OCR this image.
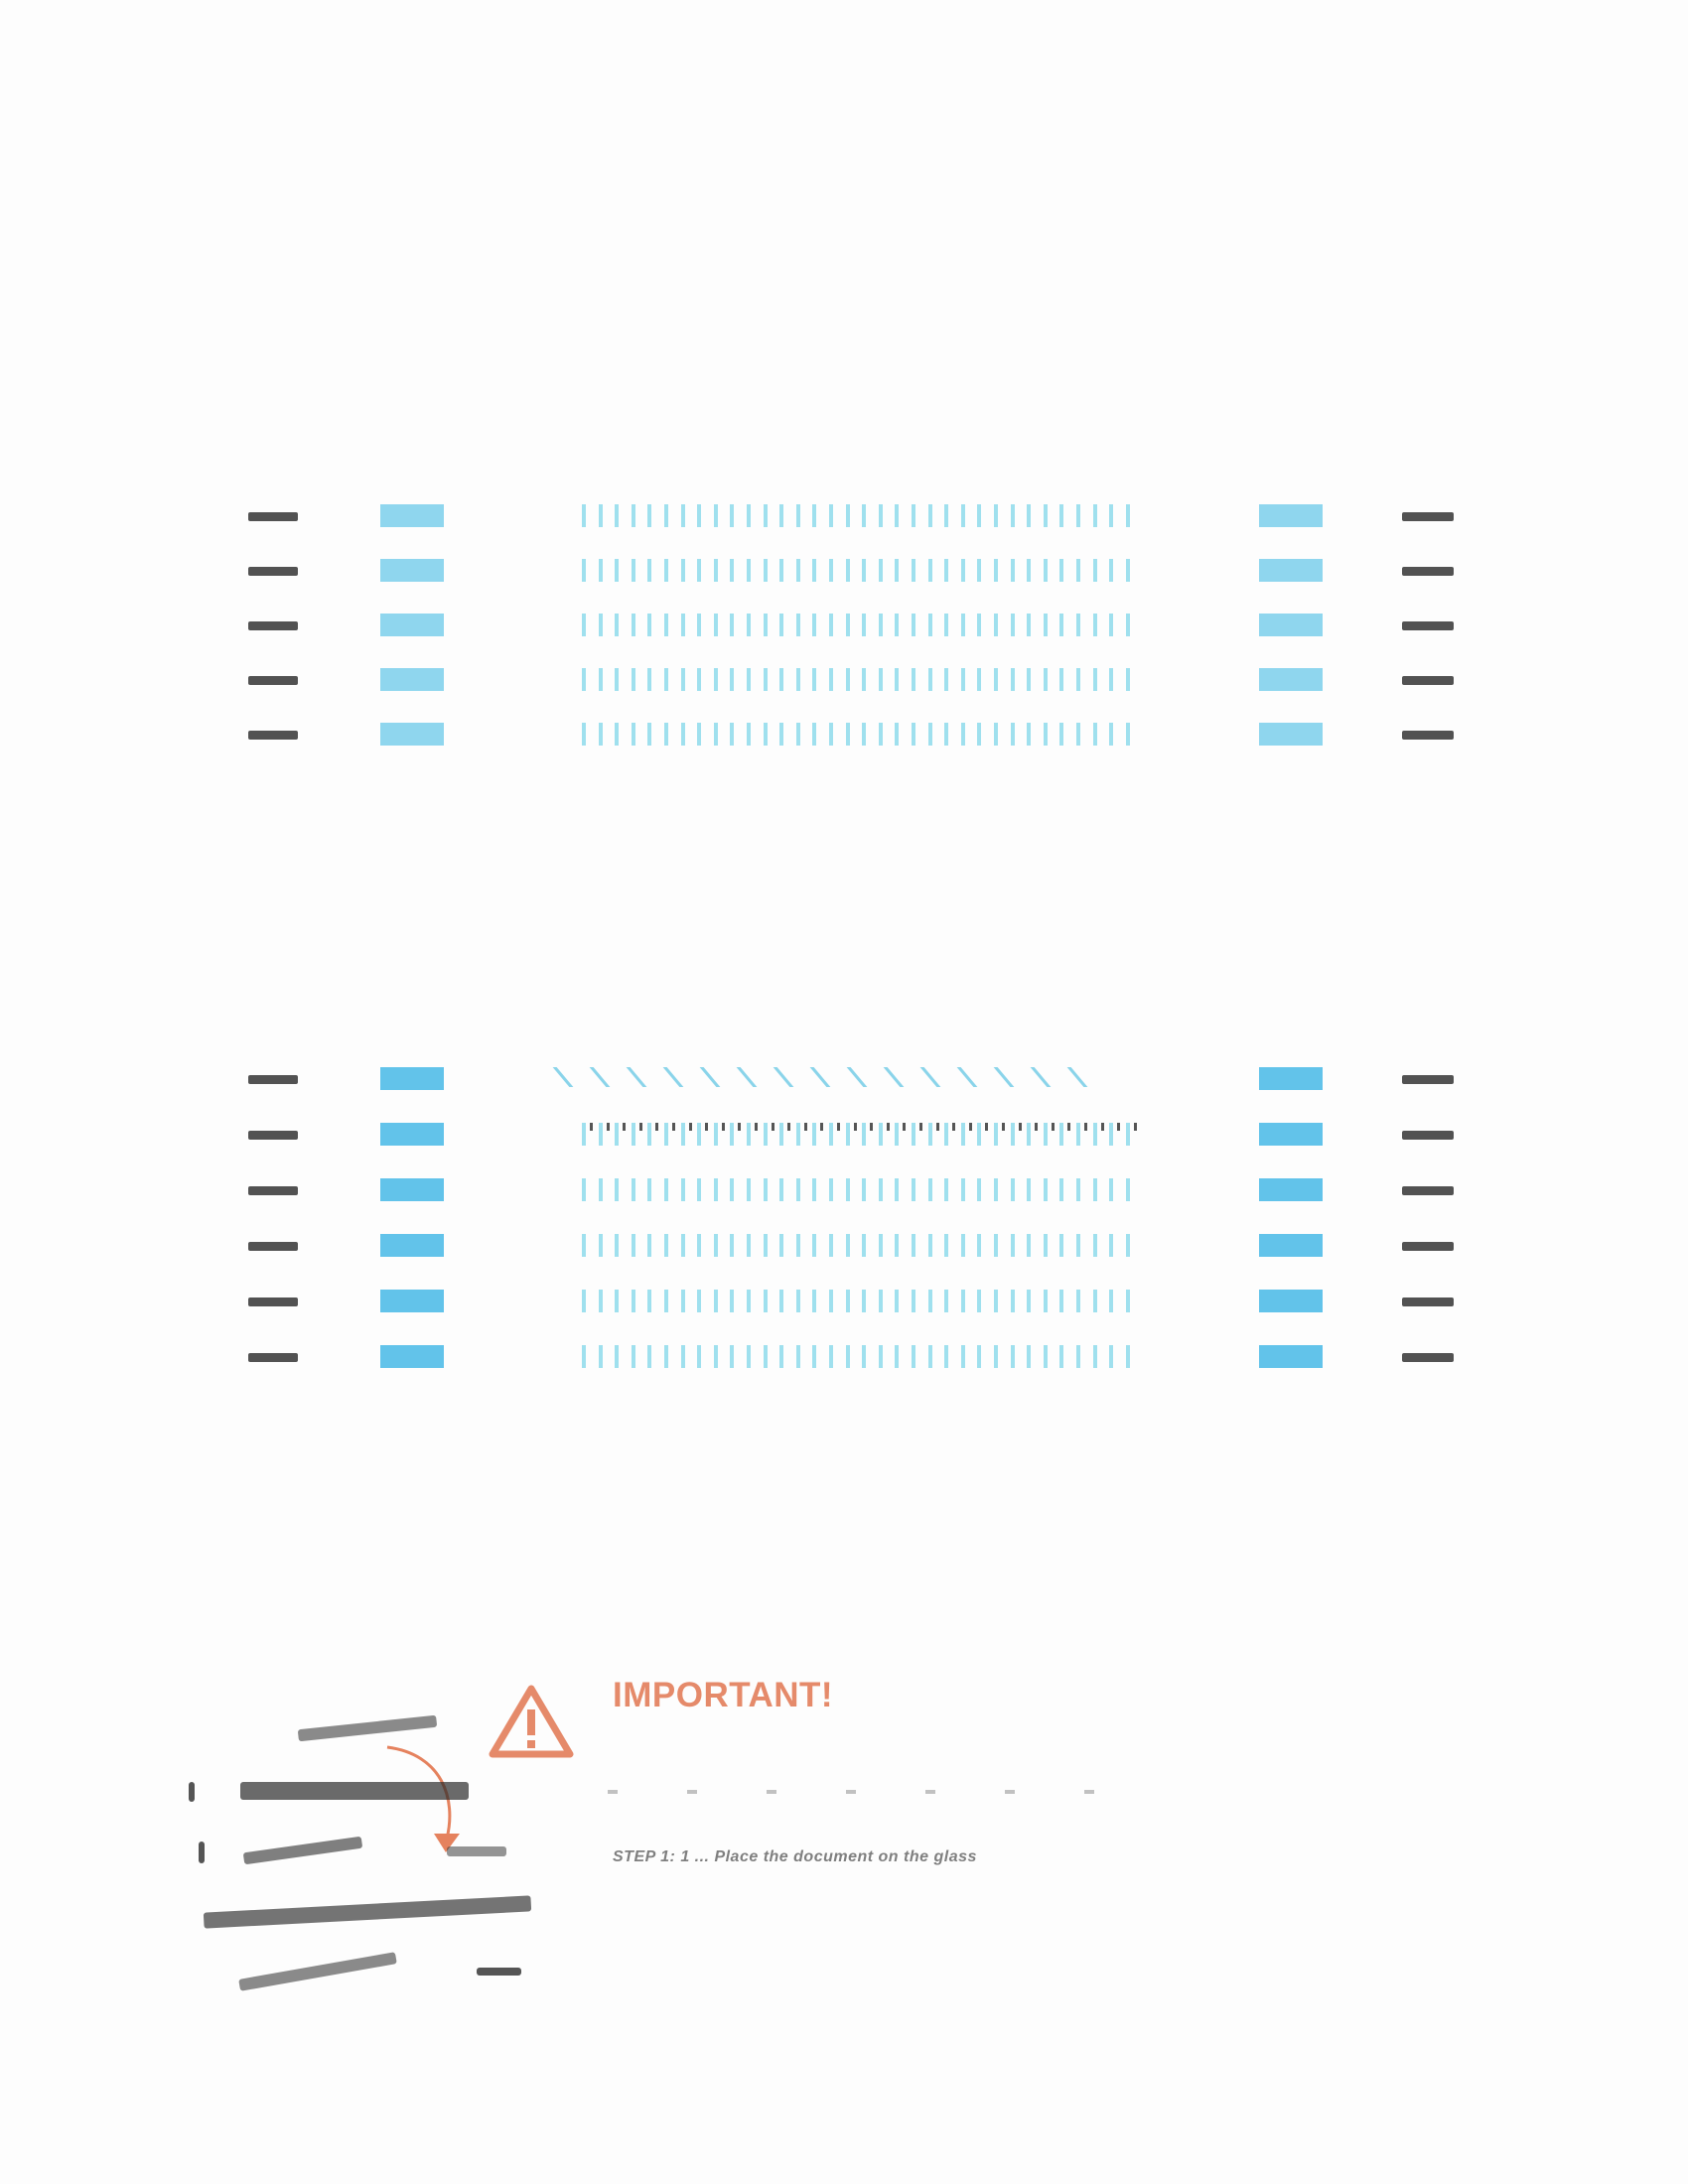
IMPORTANT!
STEP 1: 1 ... Place the document on the glass
